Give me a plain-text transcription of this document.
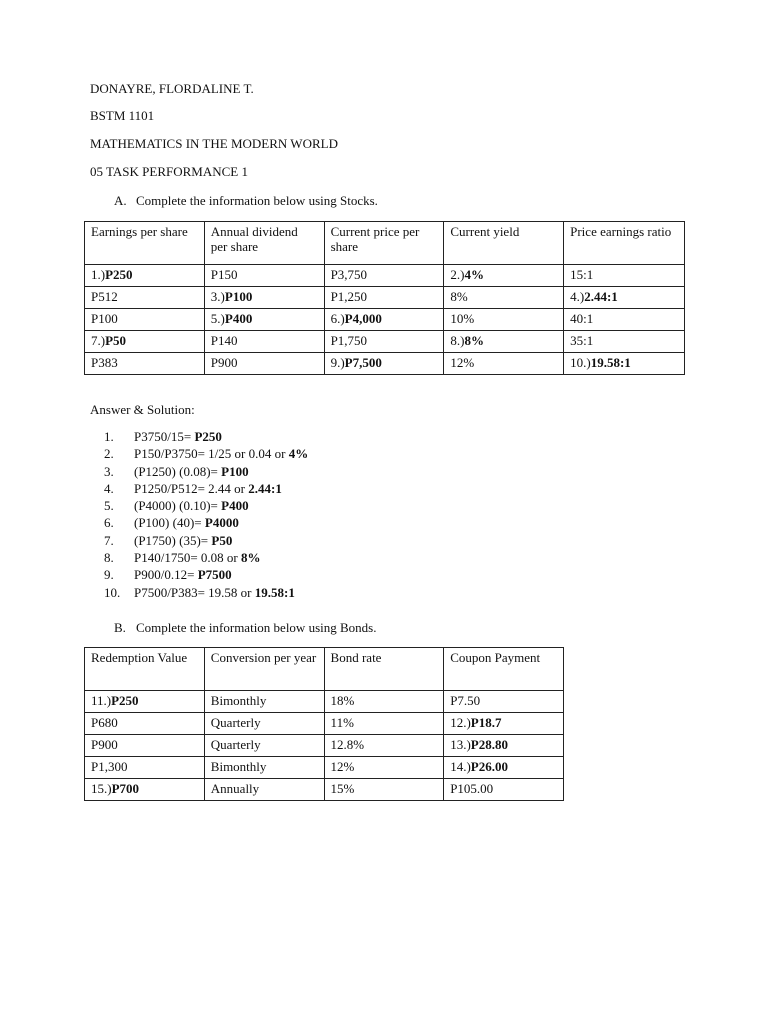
DONAYRE, FLORDALINE T.
BSTM 1101
MATHEMATICS IN THE MODERN WORLD
05 TASK PERFORMANCE 1
A. Complete the information below using Stocks.
Earnings per share	Annual dividend per share	Current price per share	Current yield	Price earnings ratio
1.)P250	P150	P3,750	2.)4%	15:1
P512	3.)P100	P1,250	8%	4.)2.44:1
P100	5.)P400	6.)P4,000	10%	40:1
7.)P50	P140	P1,750	8.)8%	35:1
P383	P900	9.)P7,500	12%	10.)19.58:1
Answer & Solution:
1. P3750/15= P250
2. P150/P3750= 1/25 or 0.04 or 4%
3. (P1250) (0.08)= P100
4. P1250/P512= 2.44 or 2.44:1
5. (P4000) (0.10)= P400
6. (P100) (40)= P4000
7. (P1750) (35)= P50
8. P140/1750= 0.08 or 8%
9. P900/0.12= P7500
10. P7500/P383= 19.58 or 19.58:1
B. Complete the information below using Bonds.
Redemption Value	Conversion per year	Bond rate	Coupon Payment
11.)P250	Bimonthly	18%	P7.50
P680	Quarterly	11%	12.)P18.7
P900	Quarterly	12.8%	13.)P28.80
P1,300	Bimonthly	12%	14.)P26.00
15.)P700	Annually	15%	P105.00
